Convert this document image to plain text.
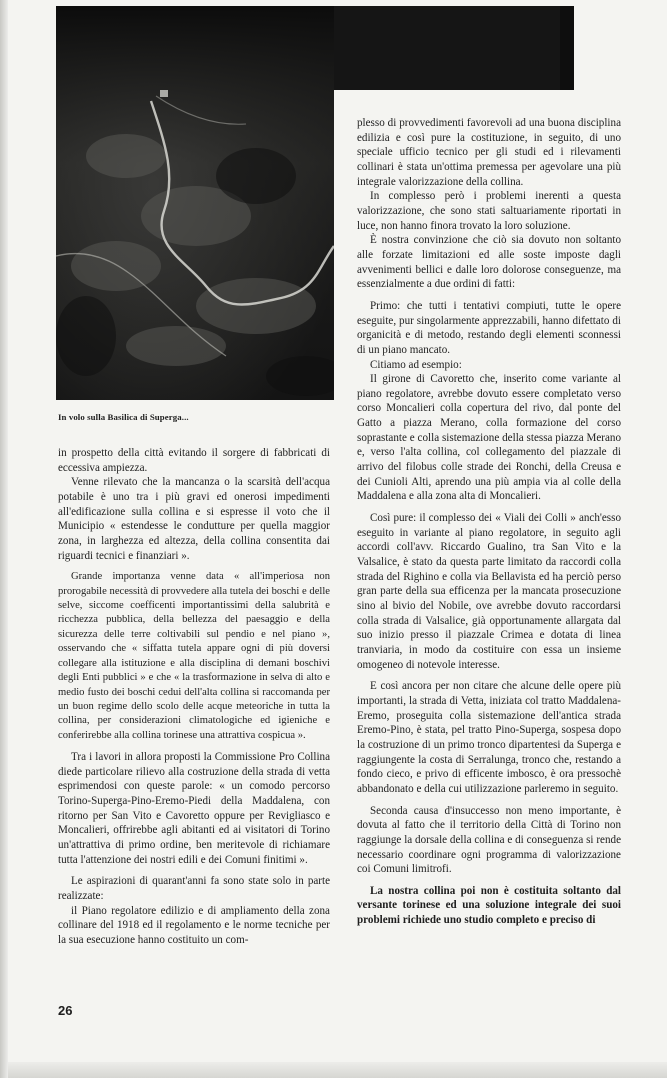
In volo sulla Basilica di Superga...

in prospetto della città evitando il sorgere di fabbricati di eccessiva ampiezza.

Venne rilevato che la mancanza o la scarsità dell'acqua potabile è uno tra i più gravi ed onerosi impedimenti all'edificazione sulla collina e si espresse il voto che il Municipio « estendesse le condutture per quella maggior zona, in larghezza ed altezza, della collina consentita dai riguardi tecnici e finanziari ».

Grande importanza venne data « all'imperiosa non prorogabile necessità di provvedere alla tutela dei boschi e delle selve, siccome coefficenti importantissimi della salubrità e ricchezza pubblica, della bellezza del paesaggio e della sicurezza delle terre coltivabili sul pendio e nel piano », osservando che « siffatta tutela appare ogni di più doversi collegare alla istituzione e alla disciplina di demani boschivi degli Enti pubblici » e che « la trasformazione in selva di alto e medio fusto dei boschi cedui dell'alta collina si raccomanda per un buon regime dello scolo delle acque meteoriche in tutta la collina, per considerazioni climatologiche ed igieniche e conferirebbe alla collina torinese una attrattiva cospicua ».

Tra i lavori in allora proposti la Commissione Pro Collina diede particolare rilievo alla costruzione della strada di vetta esprimendosi con queste parole: « un comodo percorso Torino-Superga-Pino-Eremo-Piedi della Maddalena, con ritorno per San Vito e Cavoretto oppure per Revigliasco e Moncalieri, offrirebbe agli abitanti ed ai visitatori di Torino un'attrattiva di primo ordine, ben meritevole di richiamare tutta l'attenzione dei nostri edili e dei Comuni finitimi ».

Le aspirazioni di quarant'anni fa sono state solo in parte realizzate:

il Piano regolatore edilizio e di ampliamento della zona collinare del 1918 ed il regolamento e le norme tecniche per la sua esecuzione hanno costituito un com-

plesso di provvedimenti favorevoli ad una buona disciplina edilizia e così pure la costituzione, in seguito, di uno speciale ufficio tecnico per gli studi ed i rilevamenti collinari è stata un'ottima premessa per agevolare una più integrale valorizzazione della collina.

In complesso però i problemi inerenti a questa valorizzazione, che sono stati saltuariamente riportati in luce, non hanno finora trovato la loro soluzione.

È nostra convinzione che ciò sia dovuto non soltanto alle forzate limitazioni ed alle soste imposte dagli avvenimenti bellici e dalle loro dolorose conseguenze, ma essenzialmente a due ordini di fatti:

Primo: che tutti i tentativi compiuti, tutte le opere eseguite, pur singolarmente apprezzabili, hanno difettato di organicità e di metodo, restando degli elementi sconnessi di un piano mancato.

Citiamo ad esempio:

Il girone di Cavoretto che, inserito come variante al piano regolatore, avrebbe dovuto essere completato verso corso Moncalieri colla copertura del rivo, dal ponte del Gatto a piazza Merano, colla formazione del corso soprastante e colla sistemazione della stessa piazza Merano e, verso l'alta collina, col collegamento del piazzale di arrivo del filobus colle strade dei Ronchi, della Creusa e dei Cunioli Alti, aprendo una più ampia via al colle della Maddalena e alla zona alta di Moncalieri.

Così pure: il complesso dei « Viali dei Colli » anch'esso eseguito in variante al piano regolatore, in seguito agli accordi coll'avv. Riccardo Gualino, tra San Vito e la Valsalice, è stato da questa parte limitato da raccordi colla strada del Righino e colla via Bellavista ed ha perciò perso gran parte della sua efficenza per la mancata prosecuzione sino al bivio del Nobile, ove avrebbe dovuto raccordarsi colla strada di Valsalice, già opportunamente allargata dal suo inizio presso il piazzale Crimea e dotata di linea tranviaria, in modo da costituire con essa un insieme omogeneo di notevole interesse.

E così ancora per non citare che alcune delle opere più importanti, la strada di Vetta, iniziata col tratto Maddalena-Eremo, proseguita colla sistemazione dell'antica strada Eremo-Pino, è stata, pel tratto Pino-Superga, sospesa dopo la costruzione di un primo tronco dipartentesi da Superga e raggiungente la costa di Serralunga, tronco che, restando a fondo cieco, e privo di efficente imbosco, è ora pressochè abbandonato e della cui utilizzazione parleremo in seguito.

Seconda causa d'insuccesso non meno importante, è dovuta al fatto che il territorio della Città di Torino non raggiunge la dorsale della collina e di conseguenza si rende necessario coordinare ogni programma di valorizzazione coi Comuni limitrofi.

La nostra collina poi non è costituita soltanto dal versante torinese ed una soluzione integrale dei suoi problemi richiede uno studio completo e preciso di

26
